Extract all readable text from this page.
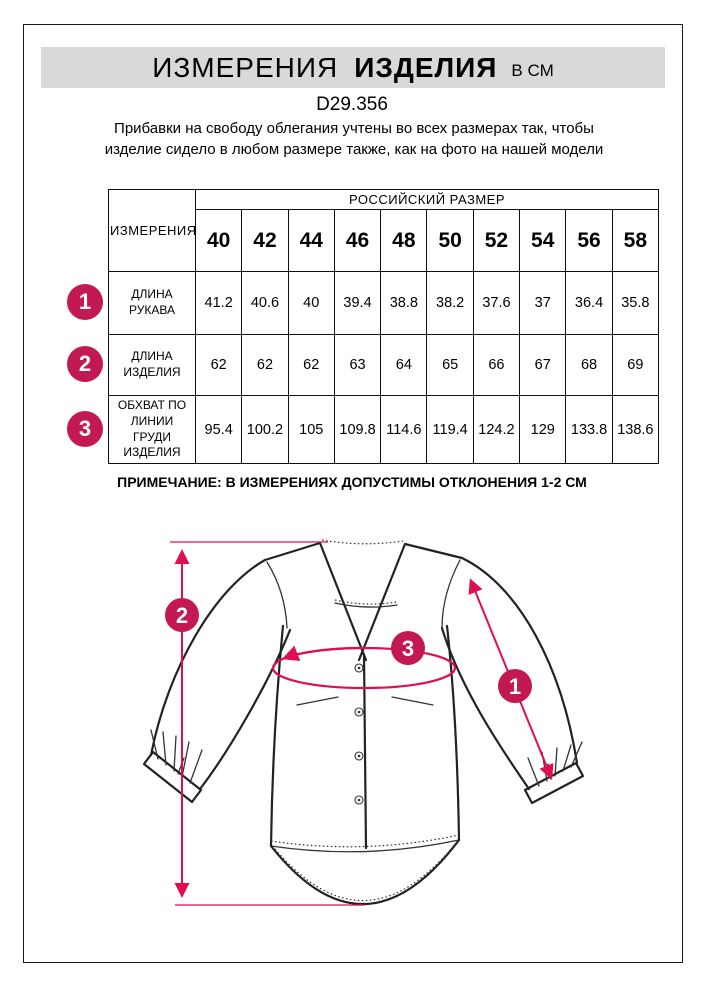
ИЗМЕРЕНИЯ ИЗДЕЛИЯ В СМ
D29.356
Прибавки на свободу облегания учтены во всех размерах так, чтобы изделие сидело в любом размере также, как на фото на нашей модели
ИЗМЕРЕНИЯ	РОССИЙСКИЙ РАЗМЕР									
	40	42	44	46	48	50	52	54	56	58
ДЛИНА РУКАВА	41.2	40.6	40	39.4	38.8	38.2	37.6	37	36.4	35.8
ДЛИНА ИЗДЕЛИЯ	62	62	62	63	64	65	66	67	68	69
ОБХВАТ ПО ЛИНИИ ГРУДИ ИЗДЕЛИЯ	95.4	100.2	105	109.8	114.6	119.4	124.2	129	133.8	138.6
1
2
3
ПРИМЕЧАНИЕ: В ИЗМЕРЕНИЯХ ДОПУСТИМЫ ОТКЛОНЕНИЯ 1-2 СМ
2
3
1
